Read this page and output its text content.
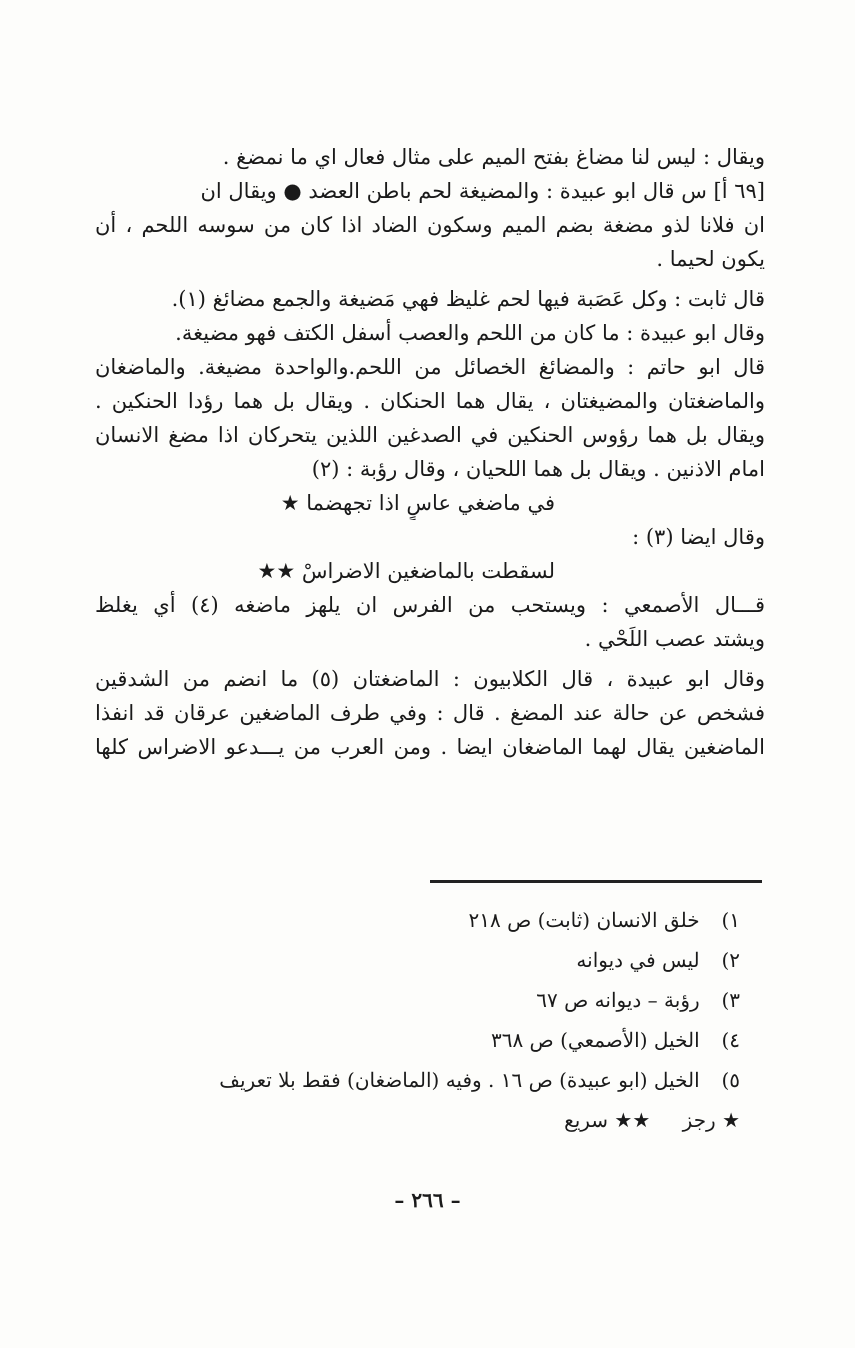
ويقال : ليس لنا مضاغ بفتح الميم على مثال فعال اي ما نمضغ .
[٦٩ أ] س قال ابو عبيدة : والمضيغة لحم باطن العضد ● ويقال ان
ان فلانا لذو مضغة بضم الميم وسكون الضاد اذا كان من سوسه اللحم ، أن
يكون لحيما .
قال ثابت : وكل عَصَبة فيها لحم غليظ فهي مَضيغة والجمع مضائغ (١).
وقال ابو عبيدة : ما كان من اللحم والعصب أسفل الكتف فهو مضيغة.
قال ابو حاتم : والمضائغ الخصائل من اللحم.والواحدة مضيغة. والماضغان
والماضغتان والمضيغتان ، يقال هما الحنكان . ويقال بل هما رؤدا الحنكين .
ويقال بل هما رؤوس الحنكين في الصدغين اللذين يتحركان اذا مضغ الانسان
امام الاذنين . ويقال بل هما اللحيان ، وقال رؤبة : (٢)
في ماضغي عاسٍ اذا تجهضما ★
وقال ايضا (٣) :
لسقطت بالماضغين الاضراسْ ★★
قـــال الأصمعي : ويستحب من الفرس ان يلهز ماضغه (٤) أي يغلظ
ويشتد عصب اللَحْي .
وقال ابو عبيدة ، قال الكلابيون : الماضغتان (٥) ما انضم من الشدقين
فشخص عن حالة عند المضغ . قال : وفي طرف الماضغين عرقان قد انفذا
الماضغين يقال لهما الماضغان ايضا . ومن العرب من يـــدعو الاضراس كلها
١) خلق الانسان (ثابت) ص ٢١٨
٢) ليس في ديوانه
٣) رؤبة – ديوانه ص ٦٧
٤) الخيل (الأصمعي) ص ٣٦٨
٥) الخيل (ابو عبيدة) ص ١٦ . وفيه (الماضغان) فقط بلا تعريف
★ رجز ★★ سريع
– ٢٦٦ –
